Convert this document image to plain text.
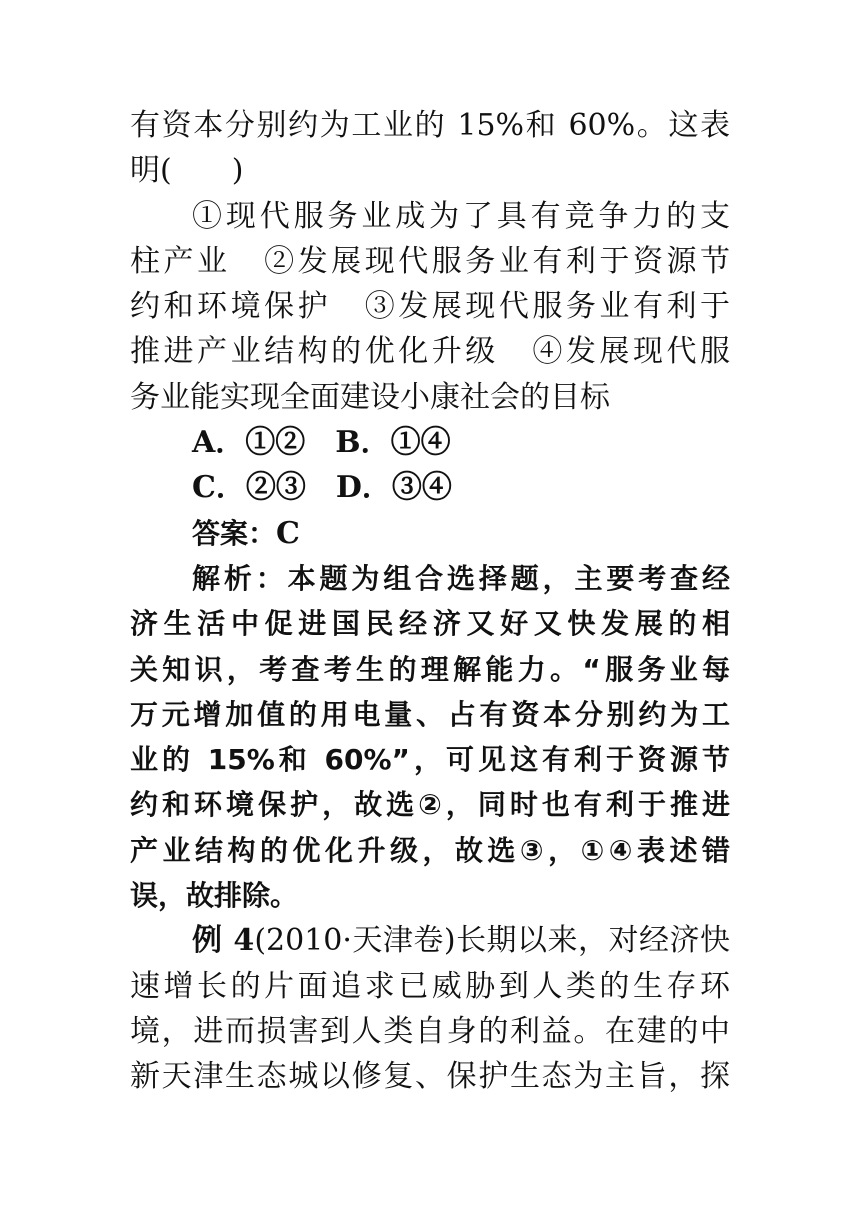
有资本分别约为工业的 15%和 60%。这表
明(　　)
①现代服务业成为了具有竞争力的支
柱产业　②发展现代服务业有利于资源节
约和环境保护　③发展现代服务业有利于
推进产业结构的优化升级　④发展现代服
务业能实现全面建设小康社会的目标
A．①②　B．①④
C．②③　D．③④
答案：C
解析：本题为组合选择题，主要考查经
济生活中促进国民经济又好又快发展的相
关知识，考查考生的理解能力。“服务业每
万元增加值的用电量、占有资本分别约为工
业的 15%和 60%”，可见这有利于资源节
约和环境保护，故选②，同时也有利于推进
产业结构的优化升级，故选③，①④表述错
误，故排除。
例 4(2010·天津卷)长期以来，对经济快
速增长的片面追求已威胁到人类的生存环
境，进而损害到人类自身的利益。在建的中
新天津生态城以修复、保护生态为主旨，探
